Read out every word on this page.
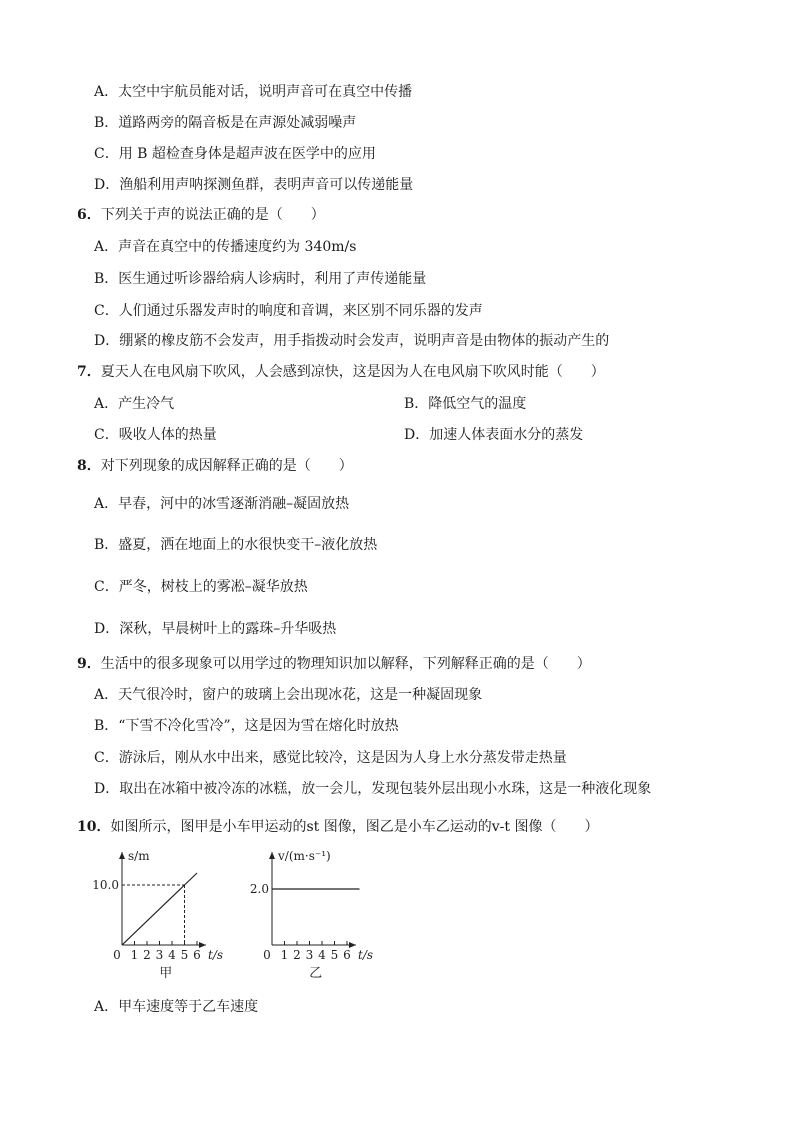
A．太空中宇航员能对话，说明声音可在真空中传播
B．道路两旁的隔音板是在声源处减弱噪声
C．用 B 超检查身体是超声波在医学中的应用
D．渔船利用声呐探测鱼群，表明声音可以传递能量
6．下列关于声的说法正确的是（　　）
A．声音在真空中的传播速度约为 340m/s
B．医生通过听诊器给病人诊病时，利用了声传递能量
C．人们通过乐器发声时的响度和音调，来区别不同乐器的发声
D．绷紧的橡皮筋不会发声，用手指拨动时会发声，说明声音是由物体的振动产生的
7．夏天人在电风扇下吹风，人会感到凉快，这是因为人在电风扇下吹风时能（　　）
A．产生冷气	B．降低空气的温度
C．吸收人体的热量	D．加速人体表面水分的蒸发
8．对下列现象的成因解释正确的是（　　）
A．早春，河中的冰雪逐渐消融–凝固放热
B．盛夏，洒在地面上的水很快变干–液化放热
C．严冬，树枝上的雾凇–凝华放热
D．深秋，早晨树叶上的露珠–升华吸热
9．生活中的很多现象可以用学过的物理知识加以解释，下列解释正确的是（　　）
A．天气很冷时，窗户的玻璃上会出现冰花，这是一种凝固现象
B．“下雪不冷化雪冷”，这是因为雪在熔化时放热
C．游泳后，刚从水中出来，感觉比较冷，这是因为人身上水分蒸发带走热量
D．取出在冰箱中被冷冻的冰糕，放一会儿，发现包装外层出现小水珠，这是一种液化现象
10．如图所示，图甲是小车甲运动的st 图像，图乙是小车乙运动的v-t 图像（　　）
0 1 2 3 4 5 6 t/s
s/m
甲
10.0
0 1 2 3 4 5 6 t/s
v/(m·s⁻¹)
乙
2.0
A．甲车速度等于乙车速度
